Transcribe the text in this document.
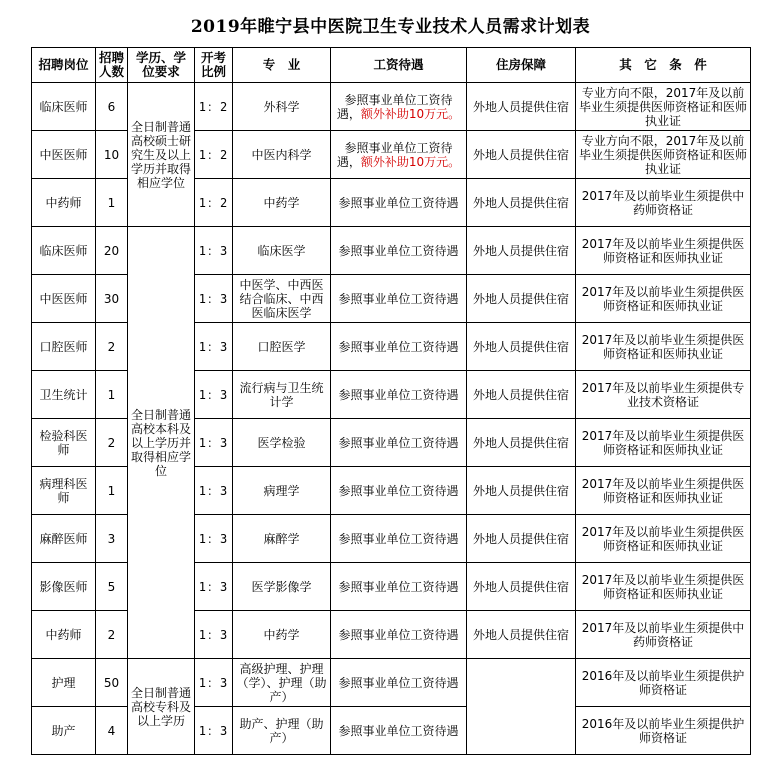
2019年睢宁县中医院卫生专业技术人员需求计划表
招聘岗位	招聘人数	学历、学位要求	开考比例	专　业	工资待遇	住房保障	其　它　条　件
临床医师	6	全日制普通高校硕士研究生及以上学历并取得相应学位	1：2	外科学	参照事业单位工资待遇，额外补助10万元。	外地人员提供住宿	专业方向不限，2017年及以前毕业生须提供医师资格证和医师执业证
中医医师	10		1：2	中医内科学	参照事业单位工资待遇，额外补助10万元。	外地人员提供住宿	专业方向不限，2017年及以前毕业生须提供医师资格证和医师执业证
中药师	1		1：2	中药学	参照事业单位工资待遇	外地人员提供住宿	2017年及以前毕业生须提供中药师资格证
临床医师	20	全日制普通高校本科及以上学历并取得相应学位	1：3	临床医学	参照事业单位工资待遇	外地人员提供住宿	2017年及以前毕业生须提供医师资格证和医师执业证
中医医师	30		1：3	中医学、中西医结合临床、中西医临床医学	参照事业单位工资待遇	外地人员提供住宿	2017年及以前毕业生须提供医师资格证和医师执业证
口腔医师	2		1：3	口腔医学	参照事业单位工资待遇	外地人员提供住宿	2017年及以前毕业生须提供医师资格证和医师执业证
卫生统计	1		1：3	流行病与卫生统计学	参照事业单位工资待遇	外地人员提供住宿	2017年及以前毕业生须提供专业技术资格证
检验科医师	2		1：3	医学检验	参照事业单位工资待遇	外地人员提供住宿	2017年及以前毕业生须提供医师资格证和医师执业证
病理科医师	1		1：3	病理学	参照事业单位工资待遇	外地人员提供住宿	2017年及以前毕业生须提供医师资格证和医师执业证
麻醉医师	3		1：3	麻醉学	参照事业单位工资待遇	外地人员提供住宿	2017年及以前毕业生须提供医师资格证和医师执业证
影像医师	5		1：3	医学影像学	参照事业单位工资待遇	外地人员提供住宿	2017年及以前毕业生须提供医师资格证和医师执业证
中药师	2		1：3	中药学	参照事业单位工资待遇	外地人员提供住宿	2017年及以前毕业生须提供中药师资格证
护理	50	全日制普通高校专科及以上学历	1：3	高级护理、护理（学）、护理（助产）	参照事业单位工资待遇		2016年及以前毕业生须提供护师资格证
助产	4		1：3	助产、护理（助产）	参照事业单位工资待遇		2016年及以前毕业生须提供护师资格证
